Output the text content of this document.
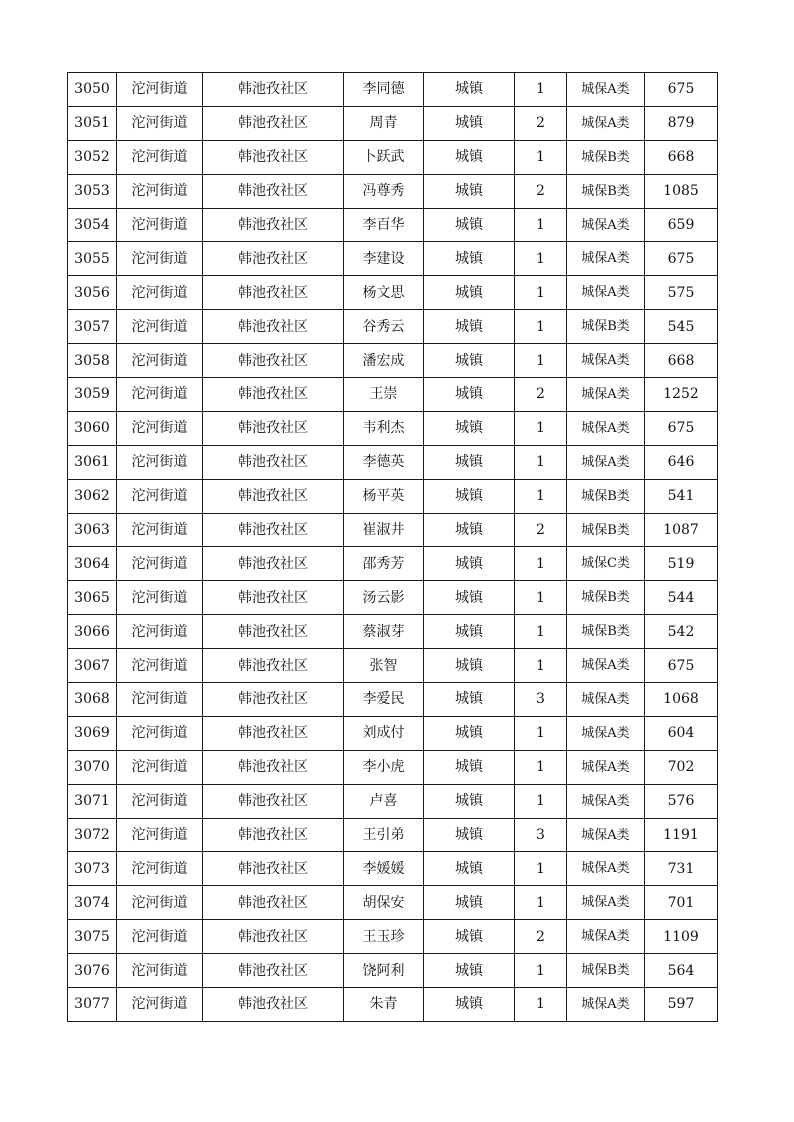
3050	沱河街道	韩池孜社区	李同德	城镇	1	城保A类	675
3051	沱河街道	韩池孜社区	周青	城镇	2	城保A类	879
3052	沱河街道	韩池孜社区	卜跃武	城镇	1	城保B类	668
3053	沱河街道	韩池孜社区	冯尊秀	城镇	2	城保B类	1085
3054	沱河街道	韩池孜社区	李百华	城镇	1	城保A类	659
3055	沱河街道	韩池孜社区	李建设	城镇	1	城保A类	675
3056	沱河街道	韩池孜社区	杨文思	城镇	1	城保A类	575
3057	沱河街道	韩池孜社区	谷秀云	城镇	1	城保B类	545
3058	沱河街道	韩池孜社区	潘宏成	城镇	1	城保A类	668
3059	沱河街道	韩池孜社区	王崇	城镇	2	城保A类	1252
3060	沱河街道	韩池孜社区	韦利杰	城镇	1	城保A类	675
3061	沱河街道	韩池孜社区	李德英	城镇	1	城保A类	646
3062	沱河街道	韩池孜社区	杨平英	城镇	1	城保B类	541
3063	沱河街道	韩池孜社区	崔淑井	城镇	2	城保B类	1087
3064	沱河街道	韩池孜社区	邵秀芳	城镇	1	城保C类	519
3065	沱河街道	韩池孜社区	汤云影	城镇	1	城保B类	544
3066	沱河街道	韩池孜社区	蔡淑芽	城镇	1	城保B类	542
3067	沱河街道	韩池孜社区	张智	城镇	1	城保A类	675
3068	沱河街道	韩池孜社区	李爱民	城镇	3	城保A类	1068
3069	沱河街道	韩池孜社区	刘成付	城镇	1	城保A类	604
3070	沱河街道	韩池孜社区	李小虎	城镇	1	城保A类	702
3071	沱河街道	韩池孜社区	卢喜	城镇	1	城保A类	576
3072	沱河街道	韩池孜社区	王引弟	城镇	3	城保A类	1191
3073	沱河街道	韩池孜社区	李媛媛	城镇	1	城保A类	731
3074	沱河街道	韩池孜社区	胡保安	城镇	1	城保A类	701
3075	沱河街道	韩池孜社区	王玉珍	城镇	2	城保A类	1109
3076	沱河街道	韩池孜社区	饶阿利	城镇	1	城保B类	564
3077	沱河街道	韩池孜社区	朱青	城镇	1	城保A类	597
